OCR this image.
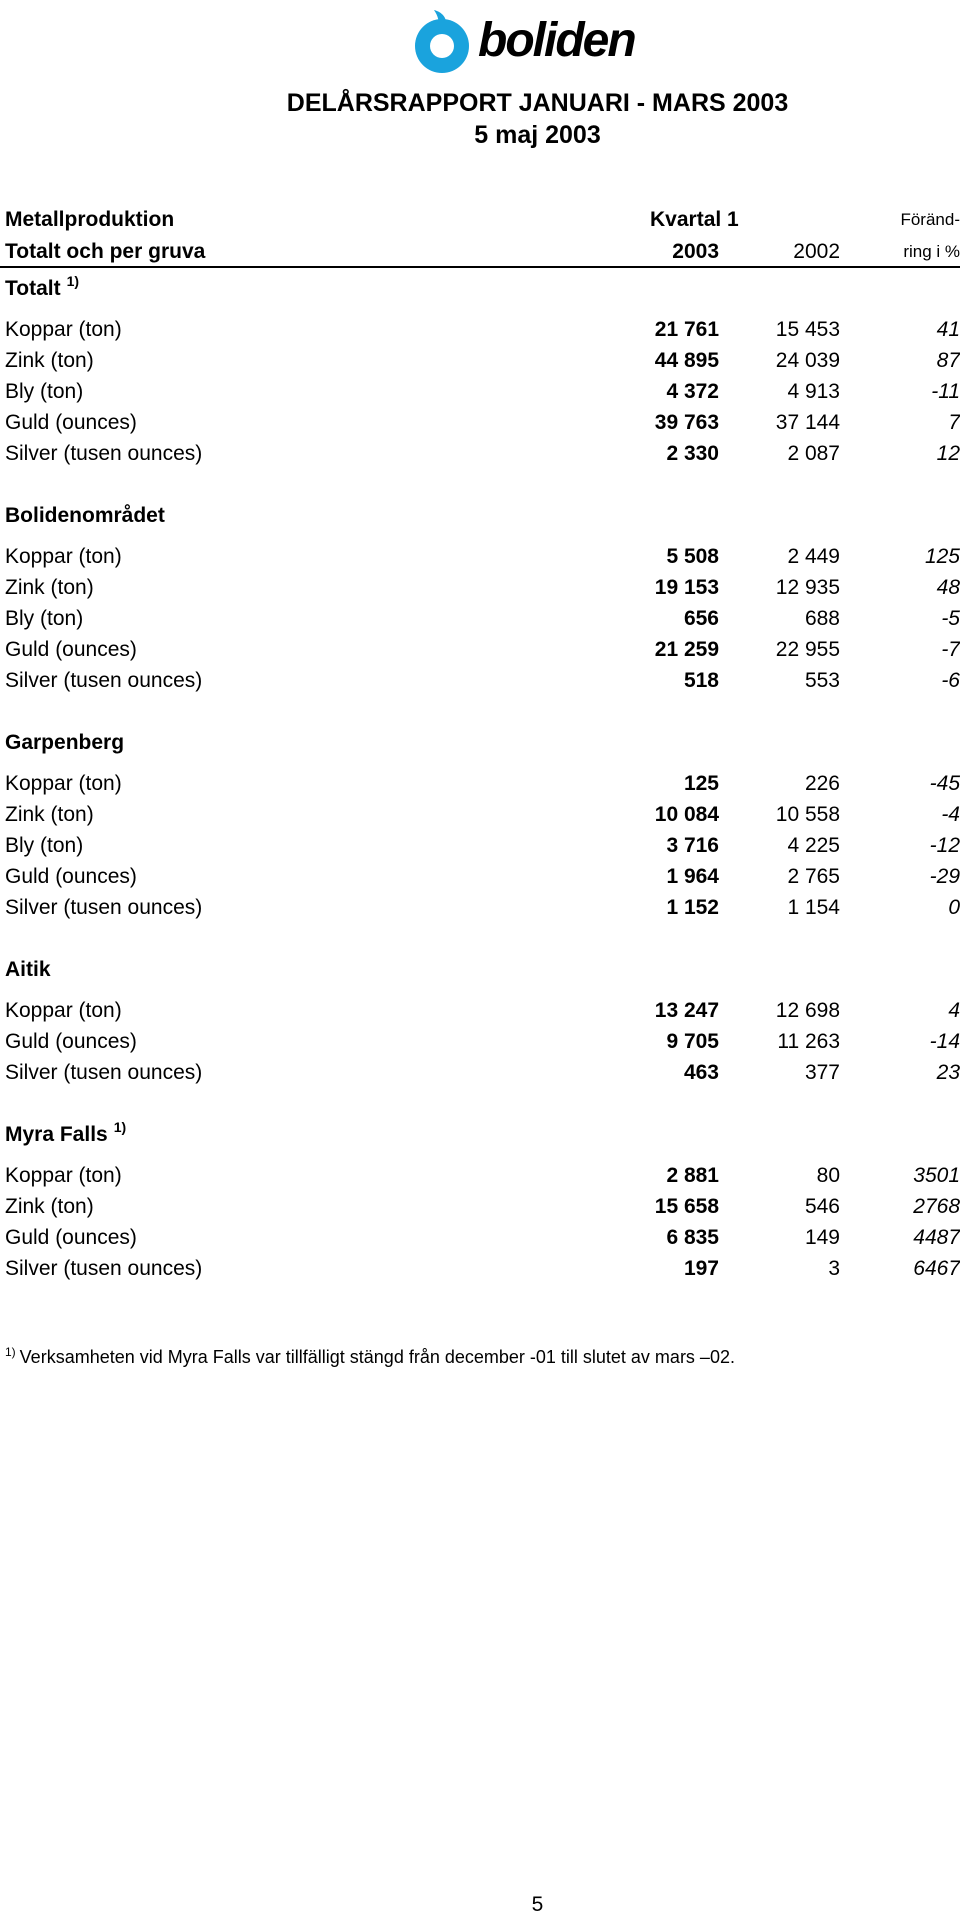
boliden
DELÅRSRAPPORT JANUARI - MARS 2003
5 maj 2003
Metallproduktion	Kvartal 1	Föränd-
Totalt och per gruva	2003	2002	ring i %
Totalt $^{1)}$
Koppar (ton)	21 761	15 453	41
Zink (ton)	44 895	24 039	87
Bly (ton)	4 372	4 913	-11
Guld (ounces)	39 763	37 144	7
Silver (tusen ounces)	2 330	2 087	12
Bolidenområdet
Koppar (ton)	5 508	2 449	125
Zink (ton)	19 153	12 935	48
Bly (ton)	656	688	-5
Guld (ounces)	21 259	22 955	-7
Silver (tusen ounces)	518	553	-6
Garpenberg
Koppar (ton)	125	226	-45
Zink (ton)	10 084	10 558	-4
Bly (ton)	3 716	4 225	-12
Guld (ounces)	1 964	2 765	-29
Silver (tusen ounces)	1 152	1 154	0
Aitik
Koppar (ton)	13 247	12 698	4
Guld (ounces)	9 705	11 263	-14
Silver (tusen ounces)	463	377	23
Myra Falls $^{1)}$
Koppar (ton)	2 881	80	3501
Zink (ton)	15 658	546	2768
Guld (ounces)	6 835	149	4487
Silver (tusen ounces)	197	3	6467
$^{1)}$ Verksamheten vid Myra Falls var tillfälligt stängd från december -01 till slutet av mars –02.
5
